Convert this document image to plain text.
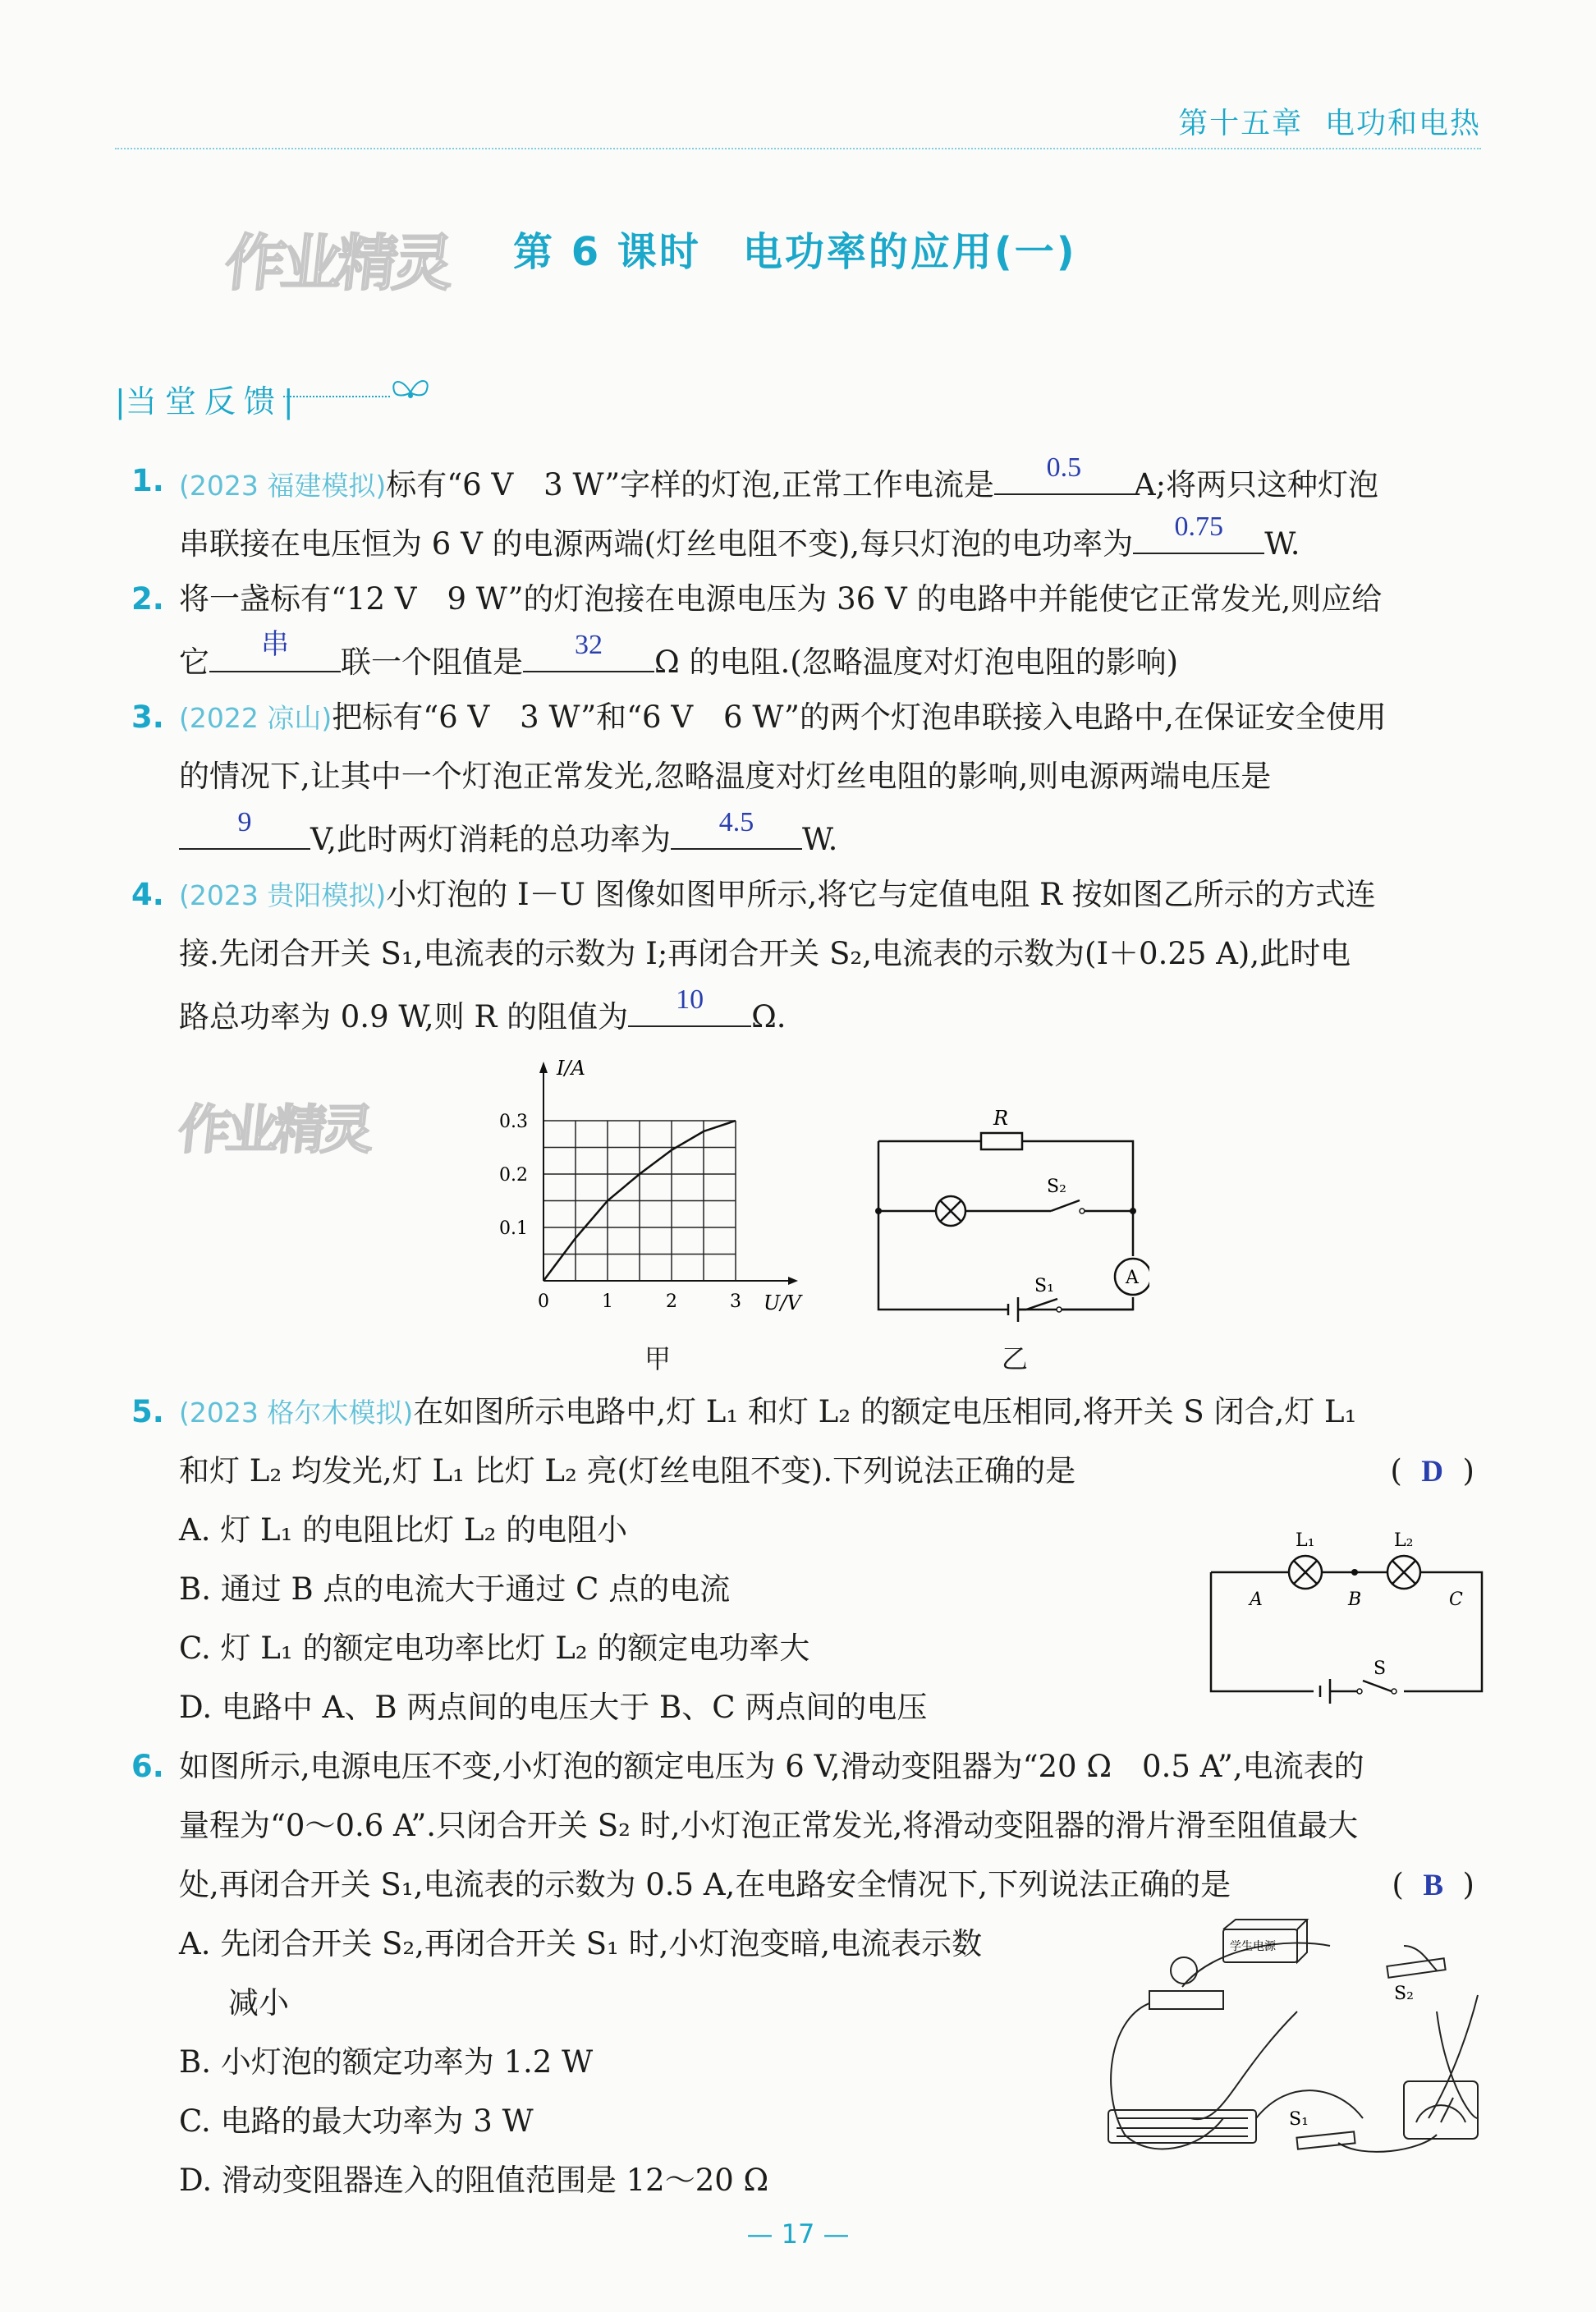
第十五章 电功和电热
作业精灵
作业精灵
第 6 课时　电功率的应用(一)
|当堂反馈|
1. (2023 福建模拟)标有“6 V　3 W”字样的灯泡,正常工作电流是	0.5	A;将两只这种灯泡
串联接在电压恒为 6 V 的电源两端(灯丝电阻不变),每只灯泡的电功率为	0.75	W.
2. 将一盏标有“12 V　9 W”的灯泡接在电源电压为 36 V 的电路中并能使它正常发光,则应给
它	串	联一个阻值是	32	Ω 的电阻.(忽略温度对灯泡电阻的影响)
3. (2022 凉山)把标有“6 V　3 W”和“6 V　6 W”的两个灯泡串联接入电路中,在保证安全使用
的情况下,让其中一个灯泡正常发光,忽略温度对灯丝电阻的影响,则电源两端电压是
9	V,此时两灯消耗的总功率为	4.5	W.
4. (2023 贵阳模拟)小灯泡的 I－U 图像如图甲所示,将它与定值电阻 R 按如图乙所示的方式连
接.先闭合开关 S₁,电流表的示数为 I;再闭合开关 S₂,电流表的示数为(I＋0.25 A),此时电
路总功率为 0.9 W,则 R 的阻值为	10	Ω.
I/A
U/V
0.1
0.2
0.3
0	1	2	3
甲
R
S₂
S₁	A
乙
5. (2023 格尔木模拟)在如图所示电路中,灯 L₁ 和灯 L₂ 的额定电压相同,将开关 S 闭合,灯 L₁
和灯 L₂ 均发光,灯 L₁ 比灯 L₂ 亮(灯丝电阻不变).下列说法正确的是	(  D  )
A. 灯 L₁ 的电阻比灯 L₂ 的电阻小
B. 通过 B 点的电流大于通过 C 点的电流
C. 灯 L₁ 的额定电功率比灯 L₂ 的额定电功率大
D. 电路中 A、B 两点间的电压大于 B、C 两点间的电压
L₁	L₂
A	B	C
S
6. 如图所示,电源电压不变,小灯泡的额定电压为 6 V,滑动变阻器为“20 Ω　0.5 A”,电流表的
量程为“0～0.6 A”.只闭合开关 S₂ 时,小灯泡正常发光,将滑动变阻器的滑片滑至阻值最大
处,再闭合开关 S₁,电流表的示数为 0.5 A,在电路安全情况下,下列说法正确的是	(  B  )
A. 先闭合开关 S₂,再闭合开关 S₁ 时,小灯泡变暗,电流表示数
减小
B. 小灯泡的额定功率为 1.2 W
C. 电路的最大功率为 3 W
D. 滑动变阻器连入的阻值范围是 12～20 Ω
学生电源
S₂
S₁
— 17 —
